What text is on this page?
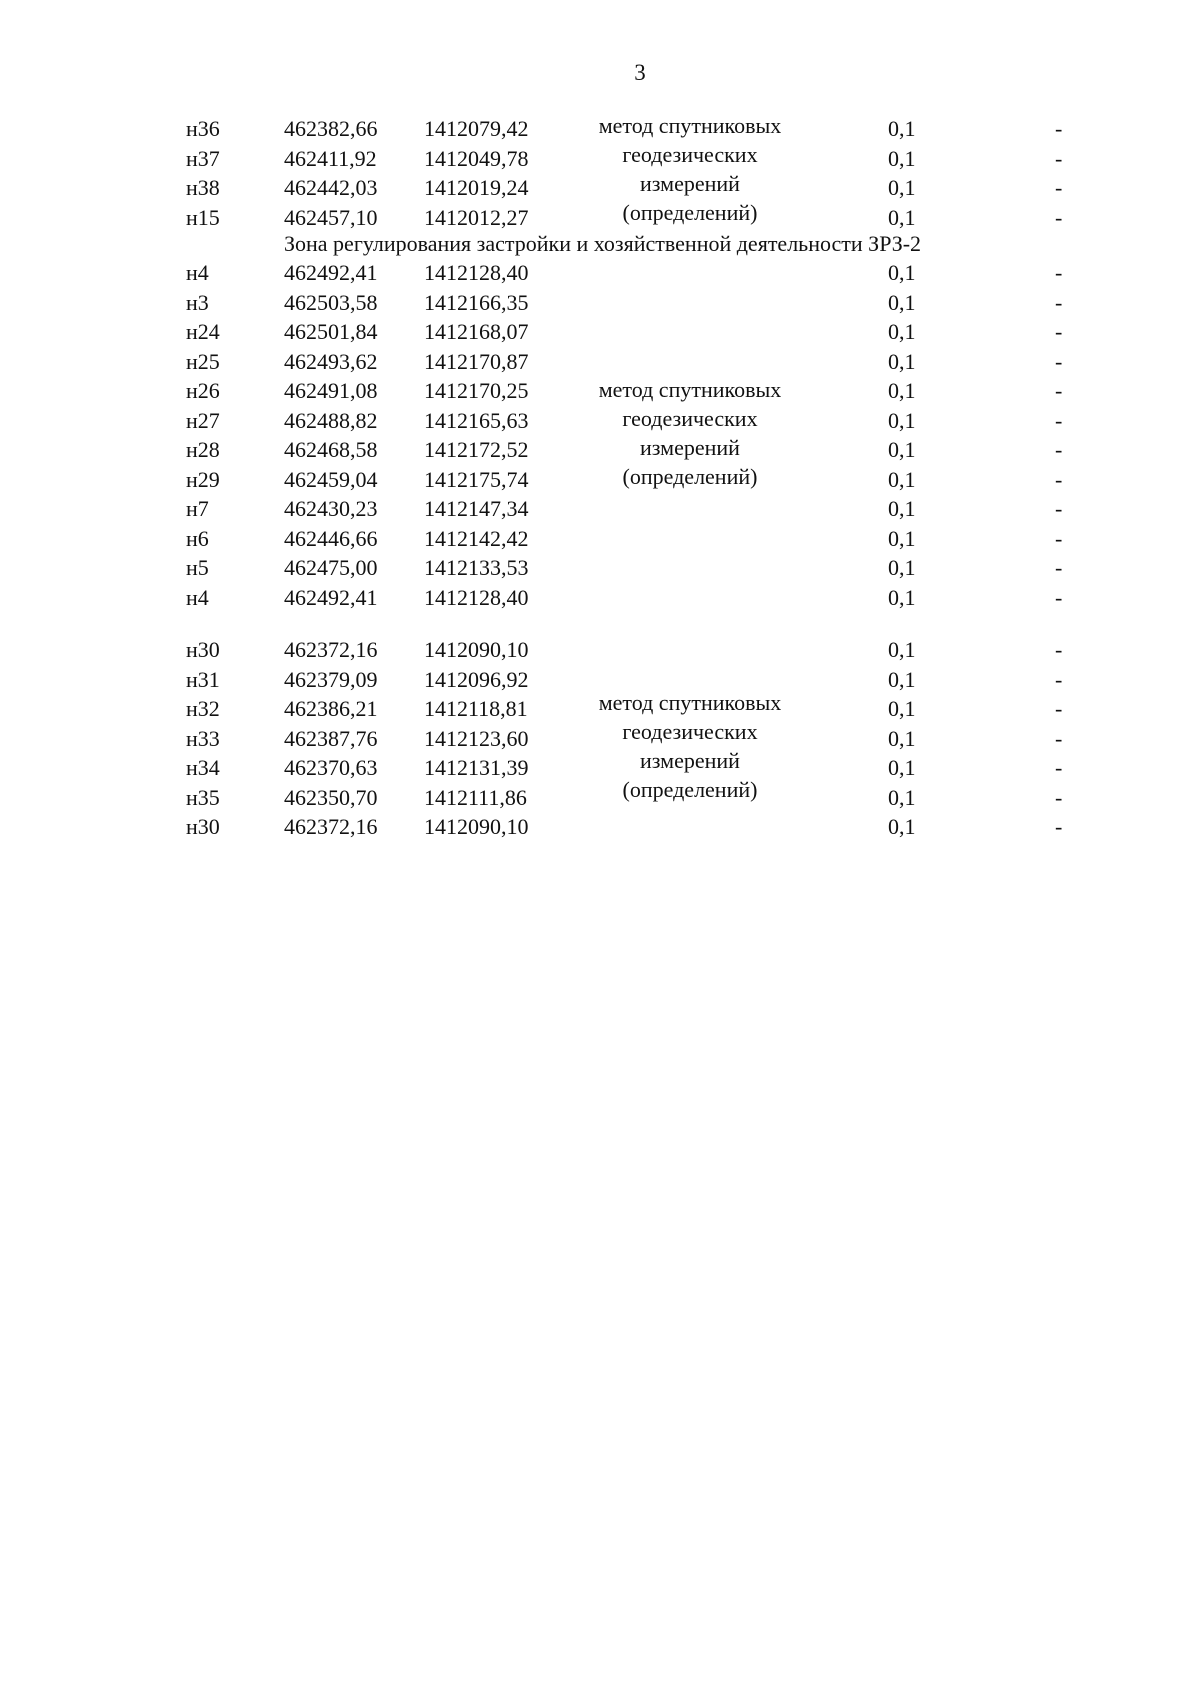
3
н36	462382,66 1412079,42	0,1	-
н37	462411,92 1412049,78	0,1	-
н38	462442,03 1412019,24	0,1	-
н15	462457,10 1412012,27	0,1	-
метод спутниковых
геодезических
измерений
(определений)
Зона регулирования застройки и хозяйственной деятельности ЗРЗ-2
н4	462492,41 1412128,40	0,1	-
н3	462503,58 1412166,35	0,1	-
н24	462501,84 1412168,07	0,1	-
н25	462493,62 1412170,87	0,1	-
н26	462491,08 1412170,25	0,1	-
н27	462488,82 1412165,63	0,1	-
н28	462468,58 1412172,52	0,1	-
н29	462459,04 1412175,74	0,1	-
н7	462430,23 1412147,34	0,1	-
н6	462446,66 1412142,42	0,1	-
н5	462475,00 1412133,53	0,1	-
н4	462492,41 1412128,40	0,1	-
метод спутниковых
геодезических
измерений
(определений)
н30	462372,16 1412090,10	0,1	-
н31	462379,09 1412096,92	0,1	-
н32	462386,21 1412118,81	0,1	-
н33	462387,76 1412123,60	0,1	-
н34	462370,63 1412131,39	0,1	-
н35	462350,70 1412111,86	0,1	-
н30	462372,16 1412090,10	0,1	-
метод спутниковых
геодезических
измерений
(определений)
